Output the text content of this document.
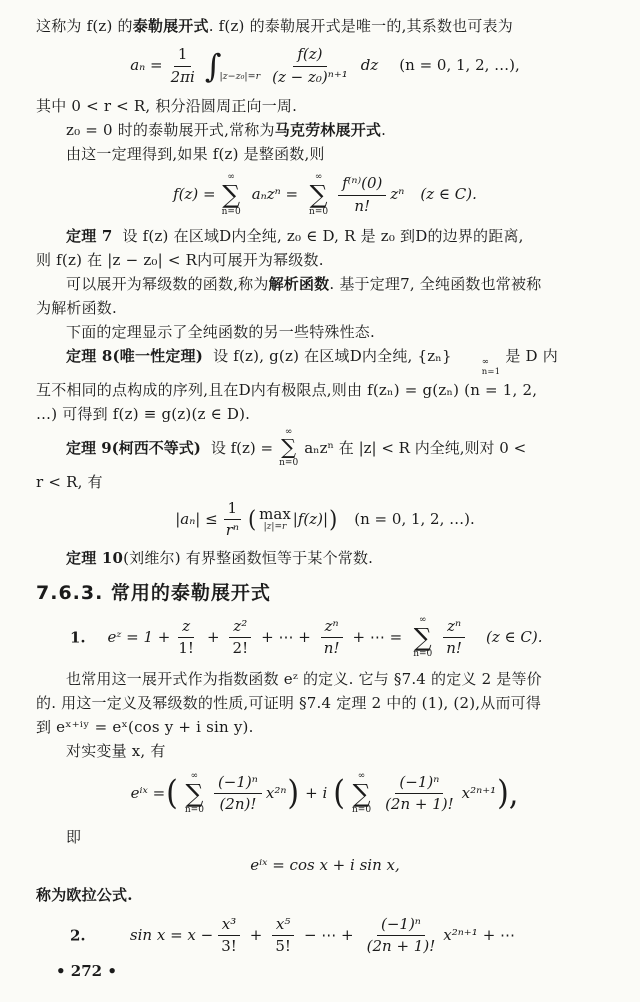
这称为 f(z) 的泰勒展开式. f(z) 的泰勒展开式是唯一的,其系数也可表为

$a_n = \frac{1}{2\pi i}$ ∫
$|z-z_0|=r \frac{f(z)}{\text{(z − z₀)ⁿ⁺¹}}$ dz (n = 0, 1, 2, …),

其中 0 < r < R, 积分沿圆周正向一周.

z₀ = 0 时的泰勒展开式,常称为马克劳林展开式.

由这一定理得到,如果 f(z) 是整函数,则

f(z) =
∞
∑
n=0
aₙzⁿ =
∞
∑
$n=0 \frac{\text{f⁽ⁿ⁾(0)}}{n!}$ zⁿ (z ∈ C).

定理 7 设 f(z) 在区域D内全纯, z₀ ∈ D, R 是 z₀ 到D的边界的距离,

则 f(z) 在 |z − z₀| < R内可展开为幂级数.

可以展开为幂级数的函数,称为解析函数. 基于定理7, 全纯函数也常被称

为解析函数.

下面的定理显示了全纯函数的另一些特殊性态.

定理 8(唯一性定理) 设 f(z), g(z) 在区域D内全纯, {zₙ}	∞
n=1
是 D 内

互不相同的点构成的序列,且在D内有极限点,则由 f(zₙ) = g(zₙ) (n = 1, 2,

…) 可得到 f(z) ≡ g(z)(z ∈ D).

定理 9(柯西不等式) 设 f(z) =
∞
∑
n=0
aₙzⁿ 在 |z| < R 内全纯,则对 0 <

r < R, 有

$|a_n| \le \frac{1}{\text{rⁿ}}$ ( max
|z|=r |f(z)| ) (n = 0, 1, 2, …).

定理 10(刘维尔) 有界整函数恒等于某个常数.

7.6.3. 常用的泰勒展开式
1. eᶻ = $1 + \frac{z}{1!} + \frac{\text{z²}}{2!}$ + ⋯ + $\frac{\text{zⁿ}}{n!}$ + ⋯ =
∞
∑
$n=0 \frac{\text{zⁿ}}{n!} (z$ ∈ C).

也常用这一展开式作为指数函数 eᶻ 的定义. 它与 §7.4 的定义 2 是等价

的. 用这一定义及幂级数的性质,可证明 §7.4 定理 2 中的 (1), (2),从而可得

到 eˣ⁺ⁱʸ = eˣ(cos y + i sin y).

对实变量 x, 有

eⁱˣ = ( ∞
∑
$n=0 \frac{\text{(−1)ⁿ}}{(2n)!} x^{2n}$ ) + i ( ∞
∑
$n=0 \frac{\text{(−1)ⁿ}}{(2n + 1)!} x^{2n+1}$ ),

即

eⁱˣ = cos x + i sin x,

称为欧拉公式.

2.	$\sin x = x - \frac{\text{x³}}{3!} + \frac{\text{x⁵}}{5!}$ − ⋯ + $\frac{\text{(−1)ⁿ}}{(2n + 1)!} x^{2n+1}$ + ⋯
• 272 •
